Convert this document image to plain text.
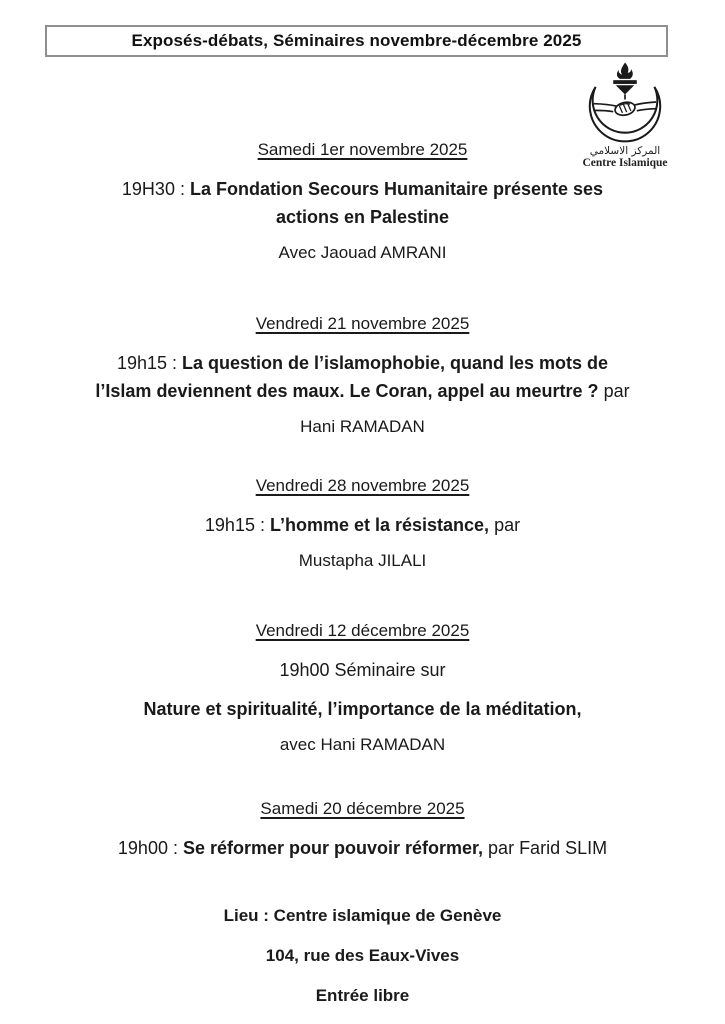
Exposés-débats, Séminaires novembre-décembre 2025
المركز الاسلامي
Centre Islamique
Samedi 1er novembre 2025

19H30 : La Fondation Secours Humanitaire présente ses
actions en Palestine

Avec Jaouad AMRANI

Vendredi 21 novembre 2025

19h15 : La question de l’islamophobie, quand les mots de
l’Islam deviennent des maux. Le Coran, appel au meurtre ? par

Hani RAMADAN

Vendredi 28 novembre 2025

19h15 : L’homme et la résistance, par

Mustapha JILALI

Vendredi 12 décembre 2025

19h00 Séminaire sur

Nature et spiritualité, l’importance de la méditation,

avec Hani RAMADAN

Samedi 20 décembre 2025

19h00 : Se réformer pour pouvoir réformer, par Farid SLIM

Lieu : Centre islamique de Genève

104, rue des Eaux-Vives

Entrée libre
